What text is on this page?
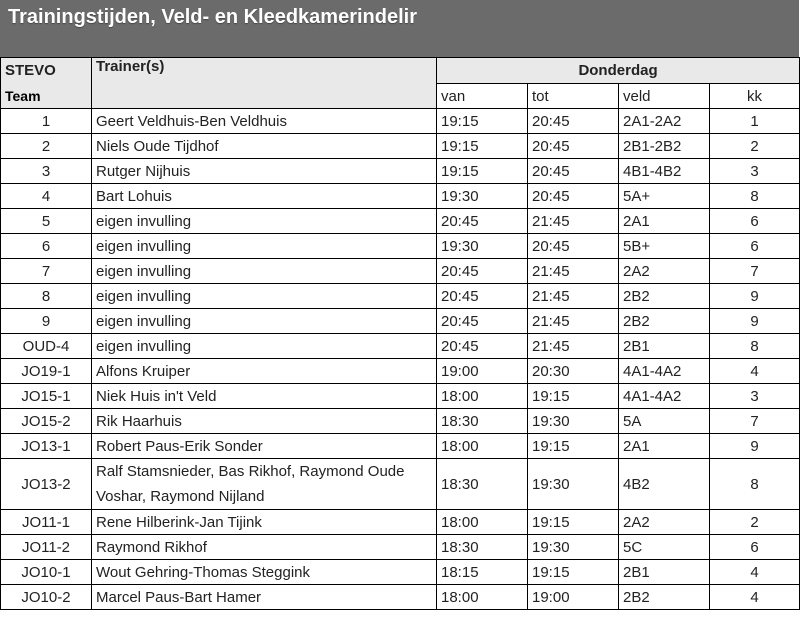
Trainingstijden, Veld- en Kleedkamerindelir
STEVO	Trainer(s)	Donderdag			
Team		van	tot	veld	kk
1	Geert Veldhuis-Ben Veldhuis	19:15	20:45	2A1-2A2	1
2	Niels Oude Tijdhof	19:15	20:45	2B1-2B2	2
3	Rutger Nijhuis	19:15	20:45	4B1-4B2	3
4	Bart Lohuis	19:30	20:45	5A+	8
5	eigen invulling	20:45	21:45	2A1	6
6	eigen invulling	19:30	20:45	5B+	6
7	eigen invulling	20:45	21:45	2A2	7
8	eigen invulling	20:45	21:45	2B2	9
9	eigen invulling	20:45	21:45	2B2	9
OUD-4	eigen invulling	20:45	21:45	2B1	8
JO19-1	Alfons Kruiper	19:00	20:30	4A1-4A2	4
JO15-1	Niek Huis in't Veld	18:00	19:15	4A1-4A2	3
JO15-2	Rik Haarhuis	18:30	19:30	5A	7
JO13-1	Robert Paus-Erik Sonder	18:00	19:15	2A1	9
JO13-2	Ralf Stamsnieder, Bas Rikhof, Raymond Oude Voshar, Raymond Nijland	18:30	19:30	4B2	8
JO11-1	Rene Hilberink-Jan Tijink	18:00	19:15	2A2	2
JO11-2	Raymond Rikhof	18:30	19:30	5C	6
JO10-1	Wout Gehring-Thomas Steggink	18:15	19:15	2B1	4
JO10-2	Marcel Paus-Bart Hamer	18:00	19:00	2B2	4
